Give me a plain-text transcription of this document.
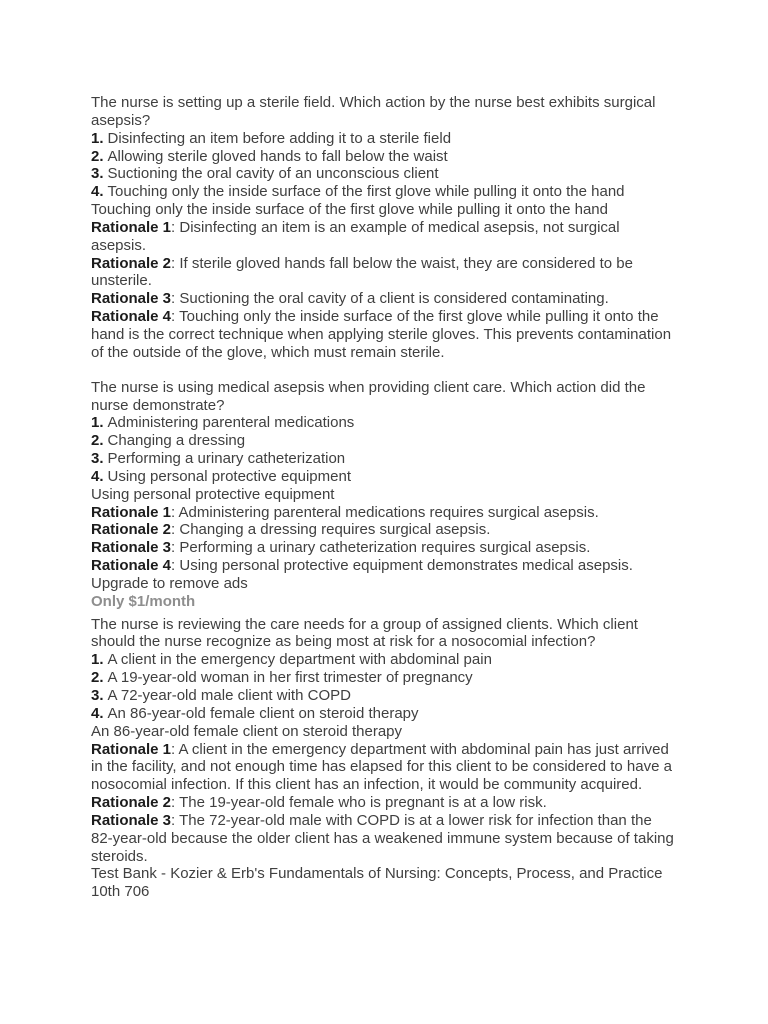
The nurse is setting up a sterile field. Which action by the nurse best exhibits surgical
asepsis?
1. Disinfecting an item before adding it to a sterile field
2. Allowing sterile gloved hands to fall below the waist
3. Suctioning the oral cavity of an unconscious client
4. Touching only the inside surface of the first glove while pulling it onto the hand
Touching only the inside surface of the first glove while pulling it onto the hand
Rationale 1: Disinfecting an item is an example of medical asepsis, not surgical
asepsis.
Rationale 2: If sterile gloved hands fall below the waist, they are considered to be
unsterile.
Rationale 3: Suctioning the oral cavity of a client is considered contaminating.
Rationale 4: Touching only the inside surface of the first glove while pulling it onto the
hand is the correct technique when applying sterile gloves. This prevents contamination
of the outside of the glove, which must remain sterile.
The nurse is using medical asepsis when providing client care. Which action did the
nurse demonstrate?
1. Administering parenteral medications
2. Changing a dressing
3. Performing a urinary catheterization
4. Using personal protective equipment
Using personal protective equipment
Rationale 1: Administering parenteral medications requires surgical asepsis.
Rationale 2: Changing a dressing requires surgical asepsis.
Rationale 3: Performing a urinary catheterization requires surgical asepsis.
Rationale 4: Using personal protective equipment demonstrates medical asepsis.
Upgrade to remove ads
Only $1/month
The nurse is reviewing the care needs for a group of assigned clients. Which client
should the nurse recognize as being most at risk for a nosocomial infection?
1. A client in the emergency department with abdominal pain
2. A 19-year-old woman in her first trimester of pregnancy
3. A 72-year-old male client with COPD
4. An 86-year-old female client on steroid therapy
An 86-year-old female client on steroid therapy
Rationale 1: A client in the emergency department with abdominal pain has just arrived
in the facility, and not enough time has elapsed for this client to be considered to have a
nosocomial infection. If this client has an infection, it would be community acquired.
Rationale 2: The 19-year-old female who is pregnant is at a low risk.
Rationale 3: The 72-year-old male with COPD is at a lower risk for infection than the
82-year-old because the older client has a weakened immune system because of taking
steroids.
Test Bank - Kozier & Erb's Fundamentals of Nursing: Concepts, Process, and Practice
10th 706
